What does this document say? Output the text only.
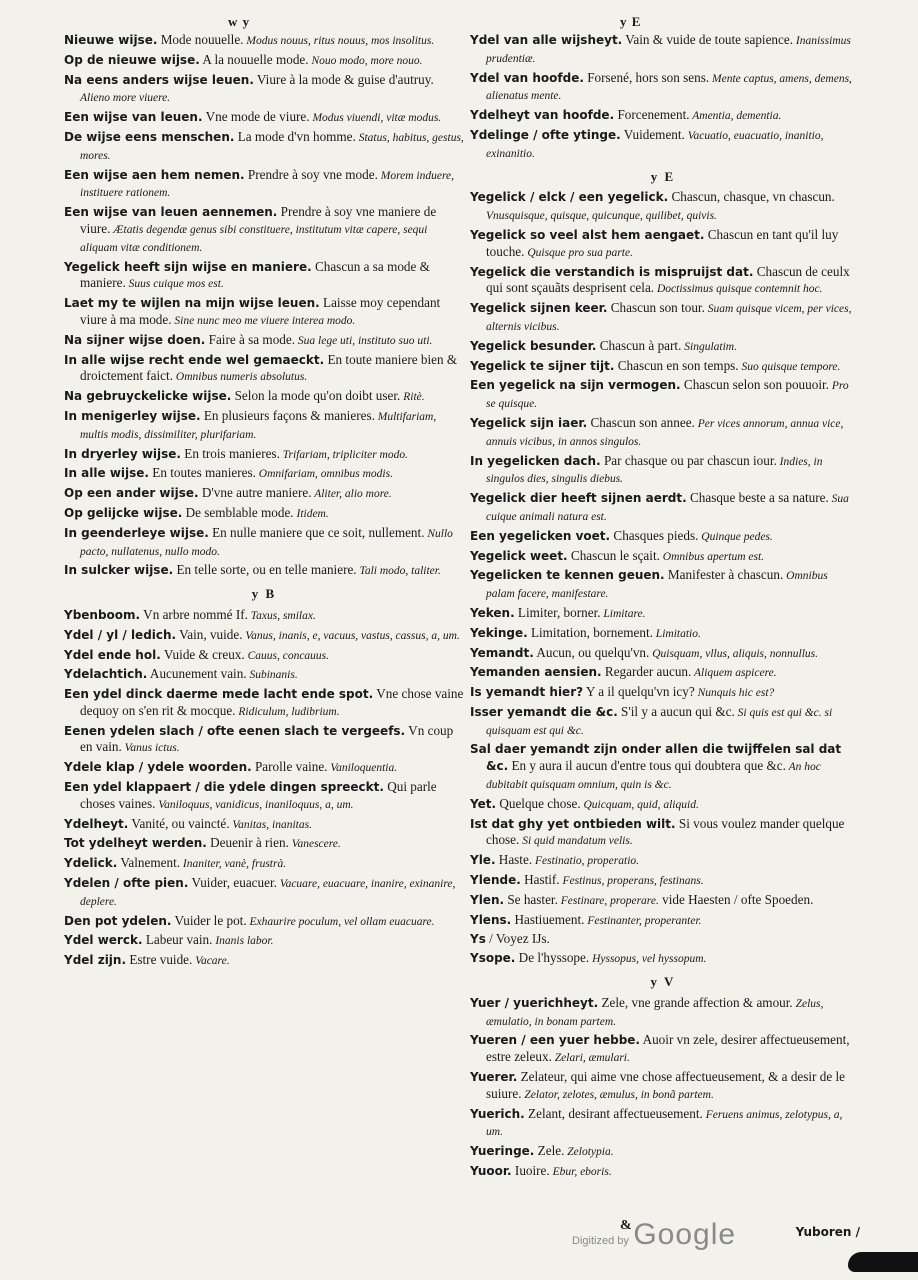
w y	y E
Nieuwe wijse. Mode nouuelle. Modus nouus, ritus nouus, mos insolitus.
Op de nieuwe wijse. A la nouuelle mode. Nouo modo, more nouo.
Na eens anders wijse leuen. Viure à la mode & guise d'autruy. Alieno more viuere.
Een wijse van leuen. Vne mode de viure. Modus viuendi, vitæ modus.
De wijse eens menschen. La mode d'vn homme. Status, habitus, gestus, mores.
Een wijse aen hem nemen. Prendre à soy vne mode. Morem induere, instituere rationem.
Een wijse van leuen aennemen. Prendre à soy vne maniere de viure. Ætatis degendæ genus sibi constituere, institutum vitæ capere, sequi aliquam vitæ conditionem.
Yegelick heeft sijn wijse en maniere. Chascun a sa mode & maniere. Suus cuique mos est.
Laet my te wijlen na mijn wijse leuen. Laisse moy cependant viure à ma mode. Sine nunc meo me viuere interea modo.
Na sijner wijse doen. Faire à sa mode. Sua lege uti, instituto suo uti.
In alle wijse recht ende wel gemaeckt. En toute maniere bien & droictement faict. Omnibus numeris absolutus.
Na gebruyckelicke wijse. Selon la mode qu'on doibt user. Ritè.
In menigerley wijse. En plusieurs façons & manieres. Multifariam, multis modis, dissimiliter, plurifariam.
In dryerley wijse. En trois manieres. Trifariam, tripliciter modo.
In alle wijse. En toutes manieres. Omnifariam, omnibus modis.
Op een ander wijse. D'vne autre maniere. Aliter, alio more.
Op gelijcke wijse. De semblable mode. Itidem.
In geenderleye wijse. En nulle maniere que ce soit, nullement. Nullo pacto, nullatenus, nullo modo.
In sulcker wijse. En telle sorte, ou en telle maniere. Tali modo, taliter.
y B
Ybenboom. Vn arbre nommé If. Taxus, smilax.
Ydel / yl / ledich. Vain, vuide. Vanus, inanis, e, vacuus, vastus, cassus, a, um.
Ydel ende hol. Vuide & creux. Cauus, concauus.
Ydelachtich. Aucunement vain. Subinanis.
Een ydel dinck daerme mede lacht ende spot. Vne chose vaine dequoy on s'en rit & mocque. Ridiculum, ludibrium.
Eenen ydelen slach / ofte eenen slach te vergeefs. Vn coup en vain. Vanus ictus.
Ydele klap / ydele woorden. Parolle vaine. Vaniloquentia.
Een ydel klappaert / die ydele dingen spreeckt. Qui parle choses vaines. Vaniloquus, vanidicus, inaniloquus, a, um.
Ydelheyt. Vanité, ou vaincté. Vanitas, inanitas.
Tot ydelheyt werden. Deuenir à rien. Vanescere.
Ydelick. Valnement. Inaniter, vanè, frustrà.
Ydelen / ofte pien. Vuider, euacuer. Vacuare, euacuare, inanire, exinanire, deplere.
Den pot ydelen. Vuider le pot. Exhaurire poculum, vel ollam euacuare.
Ydel werck. Labeur vain. Inanis labor.
Ydel zijn. Estre vuide. Vacare.
Ydel van alle wijsheyt. Vain & vuide de toute sapience. Inanissimus prudentiæ.
Ydel van hoofde. Forsené, hors son sens. Mente captus, amens, demens, alienatus mente.
Ydelheyt van hoofde. Forcenement. Amentia, dementia.
Ydelinge / ofte ytinge. Vuidement. Vacuatio, euacuatio, inanitio, exinanitio.
y E
Yegelick / elck / een yegelick. Chascun, chasque, vn chascun. Vnusquisque, quisque, quicunque, quilibet, quivis.
Yegelick so veel alst hem aengaet. Chascun en tant qu'il luy touche. Quisque pro sua parte.
Yegelick die verstandich is mispruijst dat. Chascun de ceulx qui sont sçauãts desprisent cela. Doctissimus quisque contemnit hoc.
Yegelick sijnen keer. Chascun son tour. Suam quisque vicem, per vices, alternis vicibus.
Yegelick besunder. Chascun à part. Singulatim.
Yegelick te sijner tijt. Chascun en son temps. Suo quisque tempore.
Een yegelick na sijn vermogen. Chascun selon son pouuoir. Pro se quisque.
Yegelick sijn iaer. Chascun son annee. Per vices annorum, annua vice, annuis vicibus, in annos singulos.
In yegelicken dach. Par chasque ou par chascun iour. Indies, in singulos dies, singulis diebus.
Yegelick dier heeft sijnen aerdt. Chasque beste a sa nature. Sua cuique animali natura est.
Een yegelicken voet. Chasques pieds. Quinque pedes.
Yegelick weet. Chascun le sçait. Omnibus apertum est.
Yegelicken te kennen geuen. Manifester à chascun. Omnibus palam facere, manifestare.
Yeken. Limiter, borner. Limitare.
Yekinge. Limitation, bornement. Limitatio.
Yemandt. Aucun, ou quelqu'vn. Quisquam, vllus, aliquis, nonnullus.
Yemanden aensien. Regarder aucun. Aliquem aspicere.
Is yemandt hier? Y a il quelqu'vn icy? Nunquis hic est?
Isser yemandt die &c. S'il y a aucun qui &c. Si quis est qui &c. si quisquam est qui &c.
Sal daer yemandt zijn onder allen die twijffelen sal dat &c. En y aura il aucun d'entre tous qui doubtera que &c. An hoc dubitabit quisquam omnium, quin is &c.
Yet. Quelque chose. Quicquam, quid, aliquid.
Ist dat ghy yet ontbieden wilt. Si vous voulez mander quelque chose. Si quid mandatum velis.
Yle. Haste. Festinatio, properatio.
Ylende. Hastif. Festinus, properans, festinans.
Ylen. Se haster. Festinare, properare. vide Haesten / ofte Spoeden.
Ylens. Hastiuement. Festinanter, properanter.
Ys / Voyez IJs.
Ysope. De l'hyssope. Hyssopus, vel hyssopum.
y V
Yuer / yuerichheyt. Zele, vne grande affection & amour. Zelus, æmulatio, in bonam partem.
Yueren / een yuer hebbe. Auoir vn zele, desirer affectueusement, estre zeleux. Zelari, æmulari.
Yuerer. Zelateur, qui aime vne chose affectueusement, & a desir de le suiure. Zelator, zelotes, æmulus, in bonã partem.
Yuerich. Zelant, desirant affectueusement. Feruens animus, zelotypus, a, um.
Yueringe. Zele. Zelotypia.
Yuoor. Iuoire. Ebur, eboris.
&	Yuboren /
Digitized by Google
